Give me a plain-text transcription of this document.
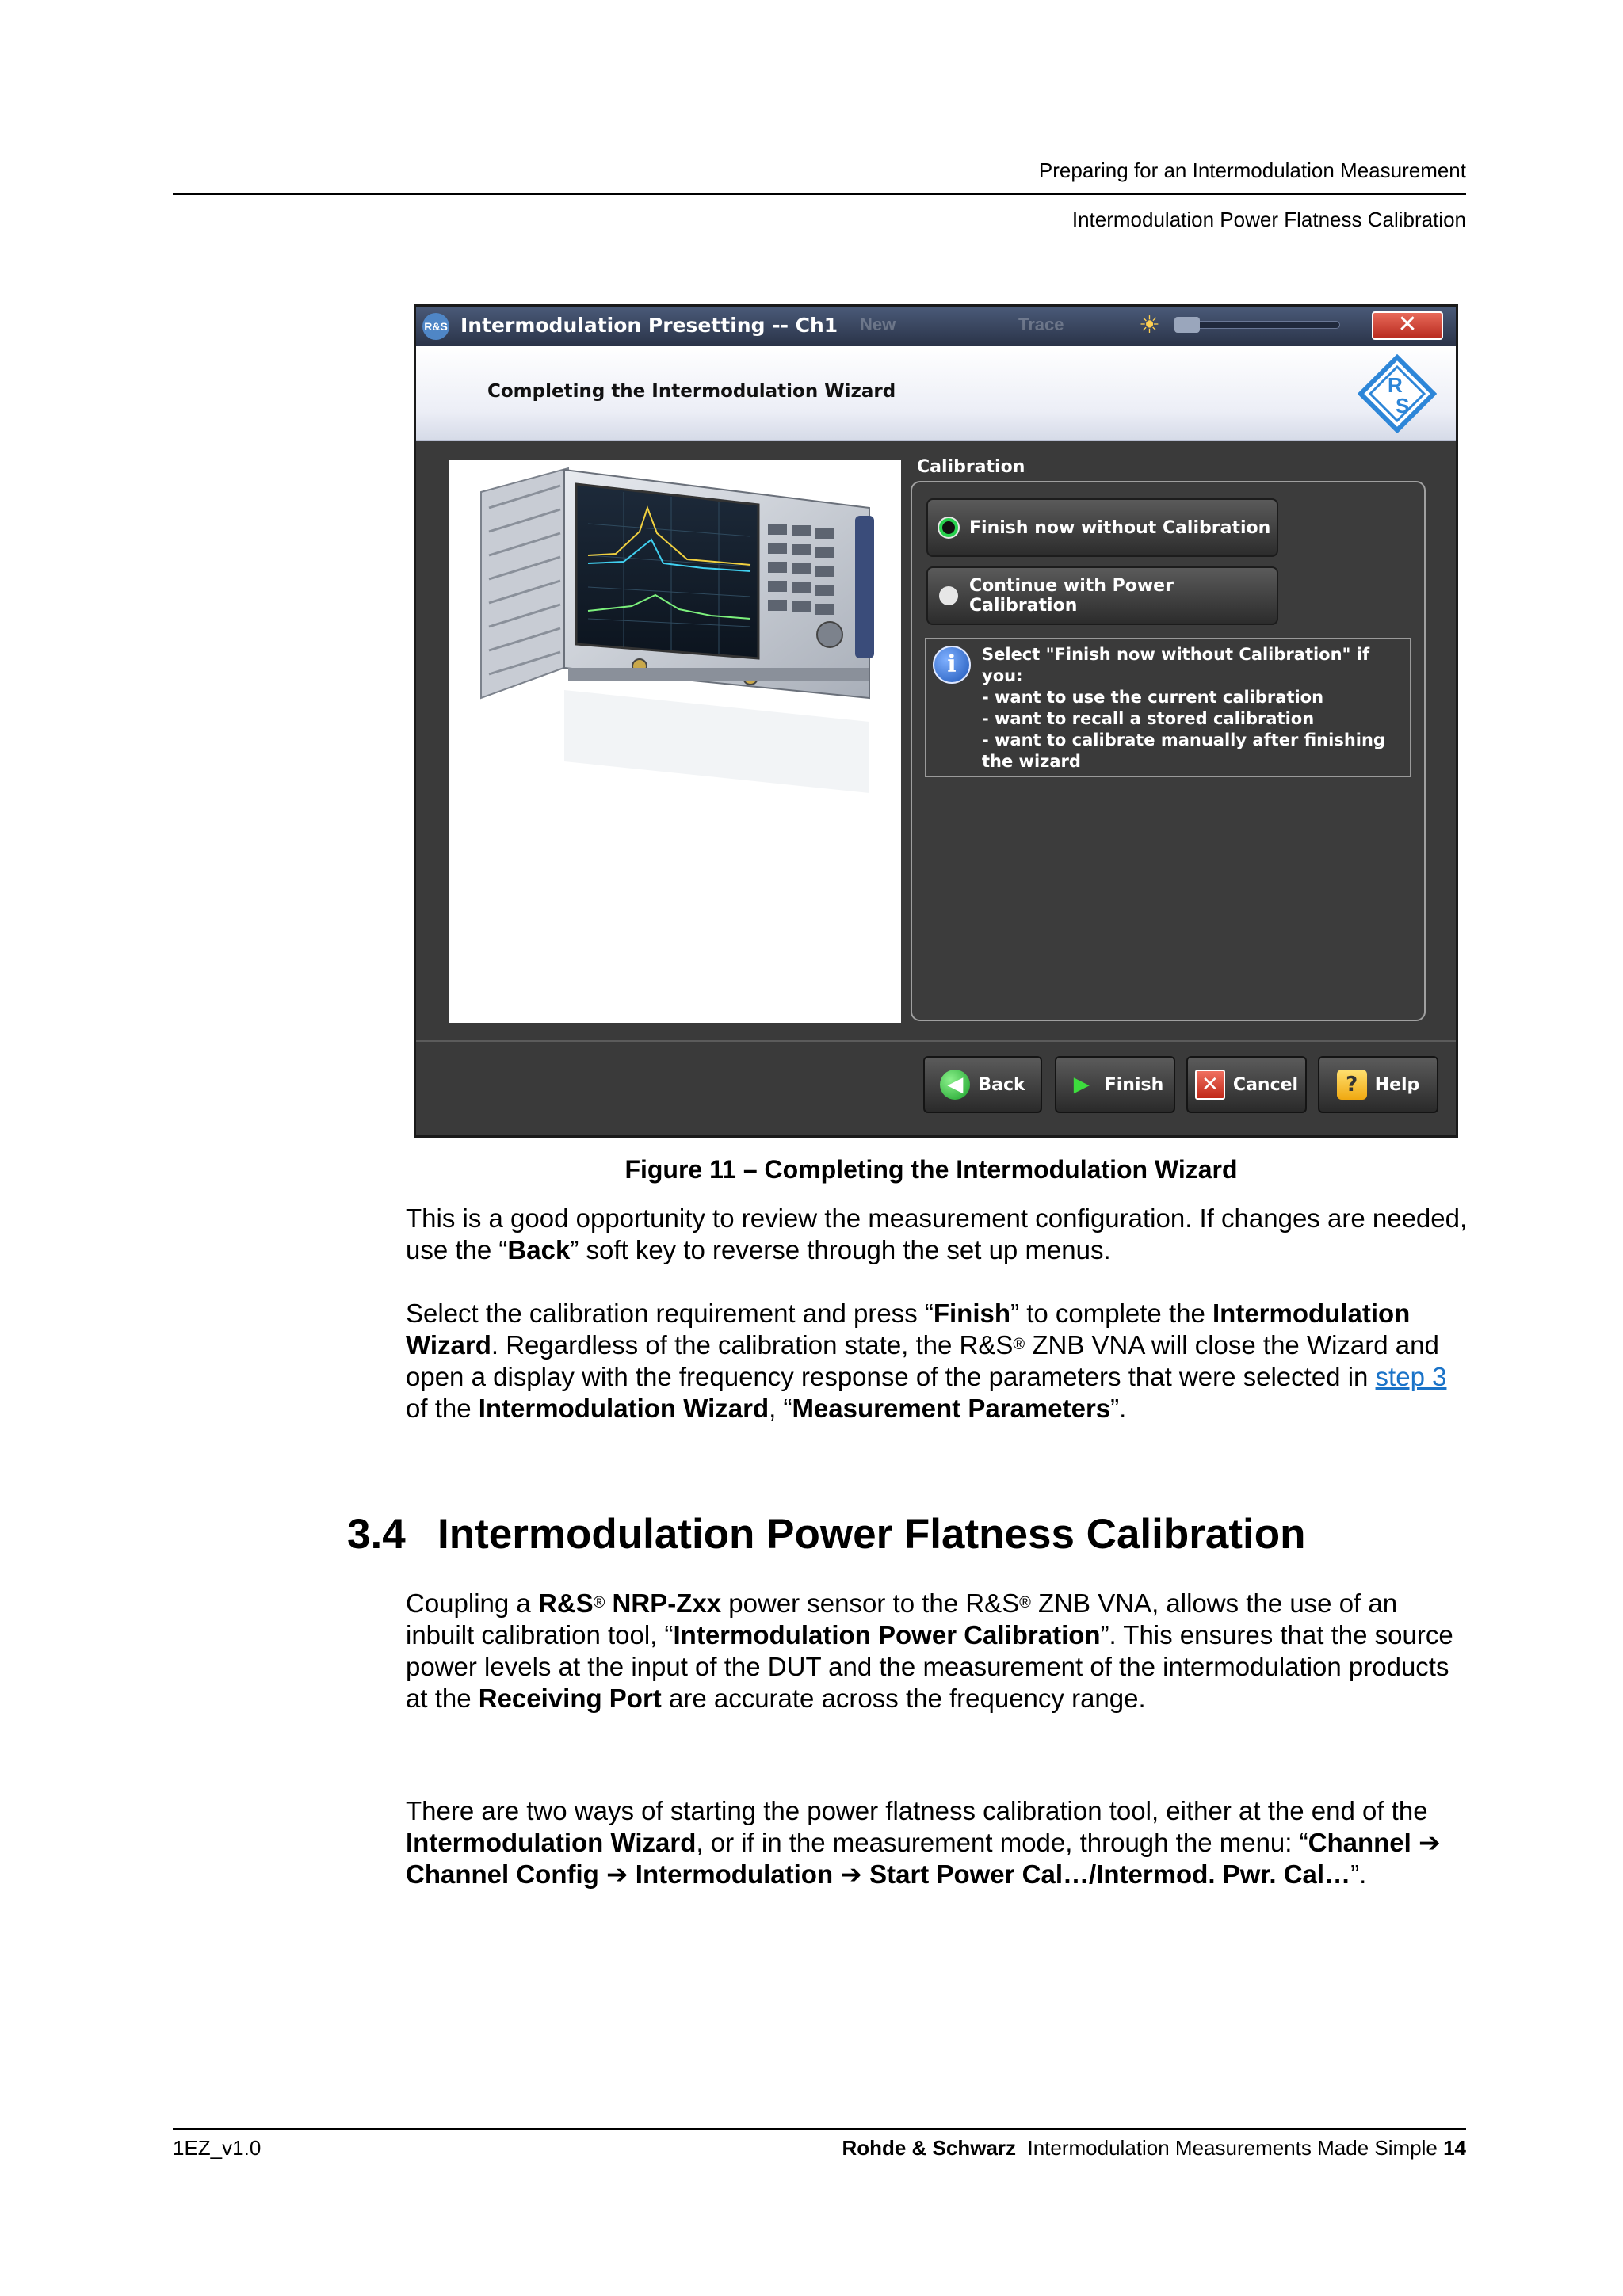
Preparing for an Intermodulation Measurement
Intermodulation Power Flatness Calibration
R&S Intermodulation Presetting -- Ch1 New	Trace	☀	✕
Completing the Intermodulation Wizard	R
S
Calibration
Finish now without Calibration
Continue with Power Calibration
i	Select "Finish now without Calibration" if
you:
- want to use the current calibration
- want to recall a stored calibration
- want to calibrate manually after finishing
the wizard
◀ Back	▶ Finish	✕ Cancel	? Help
Figure 11 – Completing the Intermodulation Wizard
This is a good opportunity to review the measurement configuration. If changes are needed, use the “Back” soft key to reverse through the set up menus.
Select the calibration requirement and press “Finish” to complete the Intermodulation Wizard. Regardless of the calibration state, the R&S® ZNB VNA will close the Wizard and open a display with the frequency response of the parameters that were selected in step 3 of the Intermodulation Wizard, “Measurement Parameters”.
3.4 Intermodulation Power Flatness Calibration
Coupling a R&S® NRP-Zxx power sensor to the R&S® ZNB VNA, allows the use of an inbuilt calibration tool, “Intermodulation Power Calibration”. This ensures that the source power levels at the input of the DUT and the measurement of the intermodulation products at the Receiving Port are accurate across the frequency range.
There are two ways of starting the power flatness calibration tool, either at the end of the Intermodulation Wizard, or if in the measurement mode, through the menu: “Channel ➔ Channel Config ➔ Intermodulation ➔ Start Power Cal…/Intermod. Pwr. Cal…”.
1EZ_v1.0	Rohde & Schwarz Intermodulation Measurements Made Simple 14
